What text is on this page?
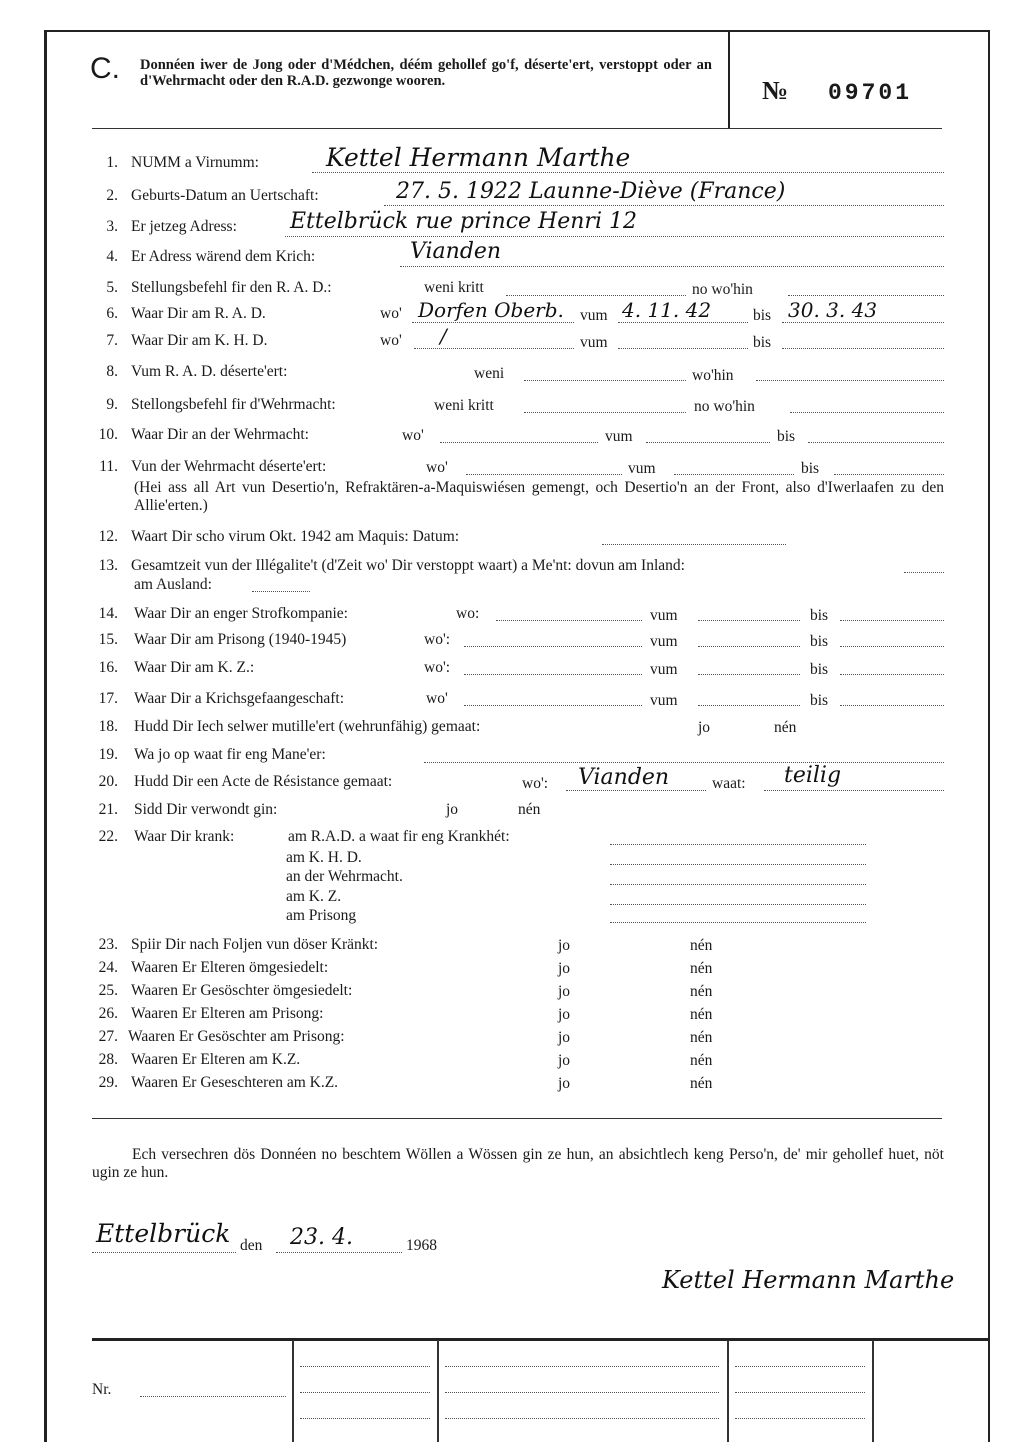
C. Donnéen iwer de Jong oder d'Médchen, déém gehollef go'f, déserte'ert, verstoppt oder an d'Wehrmacht oder den R.A.D. gezwonge wooren.	№ 09701
1. NUMM a Virnumm:	Kettel Hermann Marthe
2. Geburts-Datum an Uertschaft:	27. 5. 1922 Launne-Diève (France)
3. Er jetzeg Adress: Ettelbrück rue prince Henri 12
4. Er Adress wärend dem Krich:	Vianden
5. Stellungsbefehl fir den R. A. D.:	weni kritt	no wo'hin
6. Waar Dir am R. A. D.	wo' Dorfen Oberb. vum 4. 11. 42	bis 30. 3. 43
7. Waar Dir am K. H. D.	wo' /	vum	bis
8. Vum R. A. D. déserte'ert:	weni	wo'hin
9. Stellongsbefehl fir d'Wehrmacht:	weni kritt	no wo'hin
10. Waar Dir an der Wehrmacht:	wo'	vum	bis
11. Vun der Wehrmacht déserte'ert:	wo'	vum	bis
(Hei ass all Art vun Desertio'n, Refraktären-a-Maquiswiésen gemengt, och Desertio'n an der Front, also d'Iwerlaafen zu den Allie'erten.)
12. Waart Dir scho virum Okt. 1942 am Maquis: Datum:
13. Gesamtzeit vun der Illégalite't (d'Zeit wo' Dir verstoppt waart) a Me'nt: dovun am Inland:
am Ausland:
14. Waar Dir an enger Strofkompanie:	wo:	vum	bis
15. Waar Dir am Prisong (1940-1945)	wo':	vum	bis
16. Waar Dir am K. Z.:	wo':	vum	bis
17. Waar Dir a Krichsgefaangeschaft:	wo'	vum	bis
18. Hudd Dir Iech selwer mutille'ert (wehrunfähig) gemaat:	jo	nén
19. Wa jo op waat fir eng Mane'er:
20. Hudd Dir een Acte de Résistance gemaat:	wo': Vianden	waat: teilig
21. Sidd Dir verwondt gin:	jo	nén
22. Waar Dir krank:	am R.A.D. a waat fir eng Krankhét:
am K. H. D.
an der Wehrmacht.
am K. Z.
am Prisong
23. Spiir Dir nach Foljen vun döser Kränkt:	jo	nén
24. Waaren Er Elteren ömgesiedelt:	jo	nén
25. Waaren Er Gesöschter ömgesiedelt:	jo	nén
26. Waaren Er Elteren am Prisong:	jo	nén
27. Waaren Er Gesöschter am Prisong:	jo	nén
28. Waaren Er Elteren am K.Z.	jo	nén
29. Waaren Er Geseschteren am K.Z.	jo	nén
Ech versechren dös Donnéen no beschtem Wöllen a Wössen gin ze hun, an absichtlech keng Perso'n, de' mir gehollef huet, nöt ugin ze hun.
Ettelbrück den 23. 4.	1968
Kettel Hermann Marthe
Nr.
